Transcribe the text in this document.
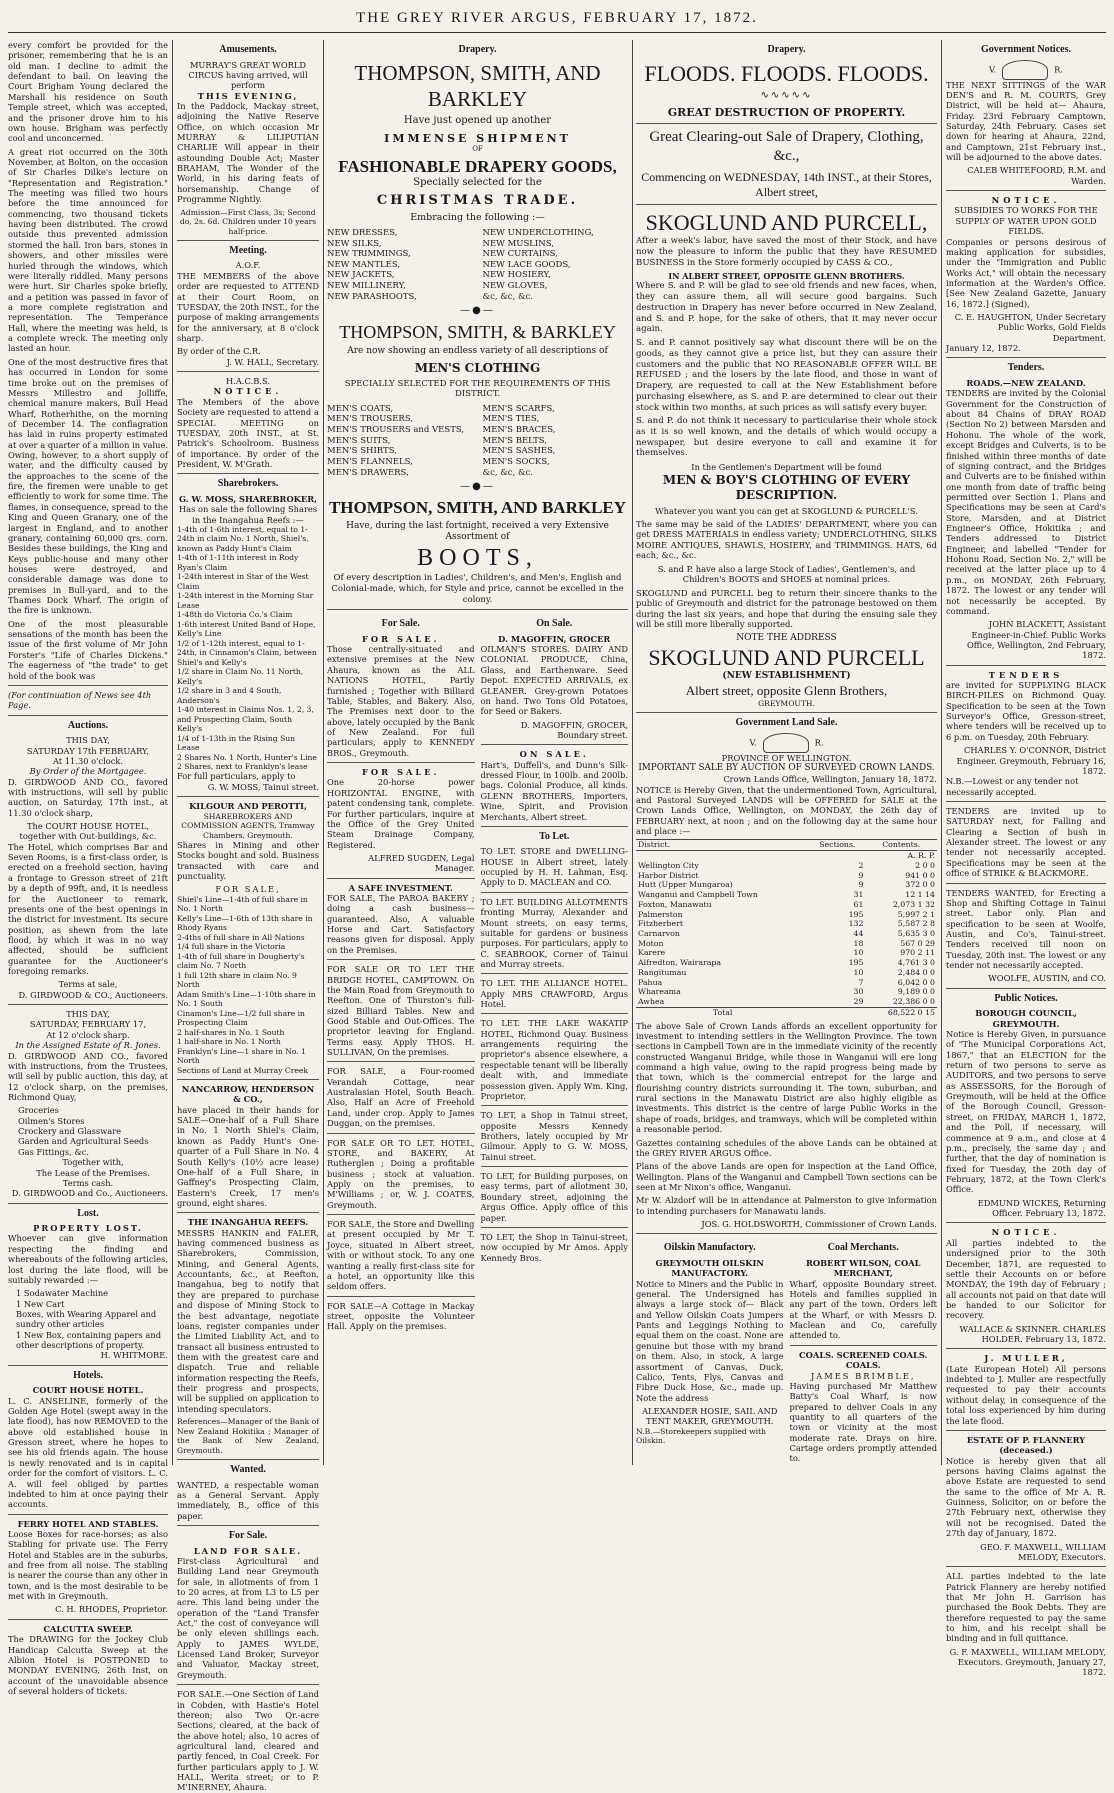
THE GREY RIVER ARGUS, FEBRUARY 17, 1872.

every comfort be provided for the prisoner, remembering that he is an old man. I decline to admit the defendant to bail. On leaving the Court Brigham Young declared the Marshall his residence on South Temple street, which was accepted, and the prisoner drove him to his own house. Brigham was perfectly cool and unconcerned.

A great riot occurred on the 30th November, at Bolton, on the occasion of Sir Charles Dilke's lecture on "Representation and Registration." The meeting was filled two hours before the time announced for commencing, two thousand tickets having been distributed. The crowd outside thus prevented admission stormed the hall. Iron bars, stones in showers, and other missiles were hurled through the windows, which were literally riddled. Many persons were hurt. Sir Charles spoke briefly, and a petition was passed in favor of a more complete registration and representation. The Temperance Hall, where the meeting was held, is a complete wreck. The meeting only lasted an hour.

One of the most destructive fires that has occurred in London for some time broke out on the premises of Messrs Millestro and Jolliffe, chemical manure makers, Bull Head Wharf, Rotherhithe, on the morning of December 14. The conflagration has laid in ruins property estimated at over a quarter of a million in value. Owing, however, to a short supply of water, and the difficulty caused by the approaches to the scene of the fire, the firemen were unable to get efficiently to work for some time. The flames, in consequence, spread to the King and Queen Granary, one of the largest in England, and to another granary, containing 60,000 qrs. corn. Besides these buildings, the King and Keys public-house and many other houses were destroyed, and considerable damage was done to premises in Bull-yard, and to the Thames Dock Wharf. The origin of the fire is unknown.

One of the most pleasurable sensations of the month has been the issue of the first volume of Mr John Forster's "Life of Charles Dickens." The eagerness of "the trade" to get hold of the book was

(For continuation of News see 4th Page.
Auctions.
THIS DAY,
SATURDAY 17th FEBRUARY,
At 11.30 o'clock.
By Order of the Mortgagee.

D. GIRDWOOD AND CO., favored with instructions, will sell by public auction, on Saturday, 17th inst., at 11.30 o'clock sharp,

The COURT HOUSE HOTEL, together with Out-buildings, &c.

The Hotel, which comprises Bar and Seven Rooms, is a first-class order, is erected on a freehold section, having a frontage to Gresson street of 21ft by a depth of 99ft, and, it is needless for the Auctioneer to remark, presents one of the best openings in the district for investment. Its secure position, as shewn from the late flood, by which it was in no way affected, should be sufficient guarantee for the Auctioneer's foregoing remarks.

Terms at sale,
D. GIRDWOOD & CO., Auctioneers.
THIS DAY,
SATURDAY, FEBRUARY 17,
At 12 o'clock sharp.
In the Assigned Estate of R. Jones.

D. GIRDWOOD AND CO., favored with instructions, from the Trustees, will sell by public auction, this day, at 12 o'clock sharp, on the premises, Richmond Quay,

Groceries
Oilmen's Stores
Crockery and Glassware
Garden and Agricultural Seeds
Gas Fittings, &c.
Together with,
The Lease of the Premises.
Terms cash.
D. GIRDWOOD and Co., Auctioneers.
Lost.
PROPERTY LOST.

Whoever can give information respecting the finding and whereabouts of the following articles, lost during the late flood, will be suitably rewarded :—

1 Sodawater Machine
1 New Cart
Boxes, with Wearing Apparel and sundry other articles
1 New Box, containing papers and other descriptions of property.
H. WHITMORE.
Hotels.
COURT HOUSE HOTEL.

L. C. ANSELINE, formerly of the Golden Age Hotel (swept away in the late flood), has now REMOVED to the above old established house in Gresson street, where he hopes to see his old friends again. The house is newly renovated and is in capital order for the comfort of visitors. L. C. A. will feel obliged by parties indebted to him at once paying their accounts.

FERRY HOTEL AND STABLES.

Loose Boxes for race-horses; as also Stabling for private use. The Ferry Hotel and Stables are in the suburbs, and free from all noise. The stabling is nearer the course than any other in town, and is the most desirable to be met with in Greymouth.

C. H. RHODES, Proprietor.
CALCUTTA SWEEP.

The DRAWING for the Jockey Club Handicap Calcutta Sweep at the Albion Hotel is POSTPONED to MONDAY EVENING, 26th Inst, on account of the unavoidable absence of several holders of tickets.

Amusements.
MURRAY'S GREAT WORLD CIRCUS having arrived, will perform
THIS EVENING,

In the Paddock, Mackay street, adjoining the Native Reserve Office, on which occasion Mr MURRAY & LILIPUTIAN CHARLIE Will appear in their astounding Double Act; Master BRAHAM, The Wonder of the World, in his daring feats of horsemanship. Change of Programme Nightly.

Admission—First Class, 3s; Second do, 2s. 6d. Children under 10 years half-price.
Meeting.
A.O.F.

THE MEMBERS of the above order are requested to ATTEND at their Court Room, on TUESDAY, the 20th INST., for the purpose of making arrangements for the anniversary, at 8 o'clock sharp.

By order of the C.R.
J. W. HALL, Secretary.
H.A.C.B.S.
NOTICE.

The Members of the above Society are requested to attend a SPECIAL MEETING on TUESDAY, 20th INST., at St. Patrick's Schoolroom. Business of importance. By order of the President, W. M'Grath.

Sharebrokers.
G. W. MOSS, SHAREBROKER,
Has on sale the following Shares in the Inangahua Reefs :—
1-4th of 1-6th interest, equal to 1-24th in claim No. 1 North, Shiel's, known as Paddy Hunt's Claim
1-4th of 1-11th interest in Rody Ryan's Claim
1-24th interest in Star of the West Claim
1-24th interest in the Morning Star Lease
1-48th do Victoria Co.'s Claim
1-6th interest United Band of Hope, Kelly's Line
1/2 of 1-12th interest, equal to 1-24th, in Cinnamon's Claim, between Shiel's and Kelly's
1/2 share in Claim No. 11 North, Kelly's
1/2 share in 3 and 4 South, Anderson's
1-40 interest in Claims Nos. 1, 2, 3, and Prospecting Claim, South Kelly's
1/4 of 1-13th in the Rising Sun Lease
2 Shares No. 1 North, Hunter's Line
2 Shares, next to Franklyn's lease
For full particulars, apply to
G. W. MOSS, Tainui street.
KILGOUR AND PEROTTI,
SHAREBROKERS AND COMMISSION AGENTS, Tramway Chambers, Greymouth.

Shares in Mining and other Stocks bought and sold. Business transacted with care and punctuality.

FOR SALE,
Shiel's Line—1-4th of full share in No. 1 North
Kelly's Line—1-6th of 13th share in Rhody Ryans
2-4ths of full share in All Nations
1/4 full share in the Victoria
1-4th of full share in Dougherty's claim No. 7 North
1 full 12th share in claim No. 9 North
Adam Smith's Line—1-10th share in No. 1 South
Cinamon's Line—1/2 full share in Prospecting Claim
2 half-shares in No. 1 South
1 half-share in No. 1 North
Franklyn's Line—1 share in No. 1 North
Sections of Land at Murray Creek
NANCARROW, HENDERSON & CO.,

have placed in their hands for SALE—One-half of a Full Share in No. 1 North Shiel's Claim, known as Paddy Hunt's One-quarter of a Full Share in No. 4 South Kelly's (10½ acre lease) One-half of a Full Share, in Gaffney's Prospecting Claim, Eastern's Creek, 17 men's ground, eight shares.

THE INANGAHUA REEFS.

MESSRS HANKIN and FALER, having commenced business as Sharebrokers, Commission, Mining, and General Agents, Accountants, &c., at Reefton, Inangahua, beg to notify that they are prepared to purchase and dispose of Mining Stock to the best advantage, negotiate loans, register companies under the Limited Liability Act, and to transact all business entrusted to them with the greatest care and dispatch. True and reliable information respecting the Reefs, their progress and prospects, will be supplied on application to intending speculators.

References—Manager of the Bank of New Zealand Hokitika ; Manager of the Bank of New Zealand, Greymouth.

Wanted.

WANTED, a respectable woman as a General Servant. Apply immediately, B., office of this paper.

For Sale.
LAND FOR SALE.

First-class Agricultural and Building Land near Greymouth for sale, in allotments of from 1 to 20 acres, at from L3 to L5 per acre. This land being under the operation of the "Land Transfer Act," the cost of conveyance will be only eleven shillings each. Apply to JAMES WYLDE, Licensed Land Broker, Surveyor and Valuator, Mackay street, Greymouth.

FOR SALE.—One Section of Land in Cobden, with Hastie's Hotel thereon; also Two Qr.-acre Sections, cleared, at the back of the above hotel; also, 10 acres of agricultural land, cleared and partly fenced, in Coal Creek. For further particulars apply to J. W. HALL, Werita street; or to P. M'INERNEY, Ahaura.

Drapery.
THOMPSON, SMITH, AND BARKLEY
Have just opened up another
IMMENSE SHIPMENT
OF
FASHIONABLE DRAPERY GOODS,
Specially selected for the
CHRISTMAS TRADE.
Embracing the following :—
NEW DRESSES,	NEW UNDERCLOTHING,
NEW SILKS,	NEW MUSLINS,
NEW TRIMMINGS,	NEW CURTAINS,
NEW MANTLES,	NEW LACE GOODS,
NEW JACKETS,	NEW HOSIERY,
NEW MILLINERY,	NEW GLOVES,
NEW PARASHOOTS,	&c, &c, &c.
—●—
THOMPSON, SMITH, & BARKLEY
Are now showing an endless variety of all descriptions of
MEN'S CLOTHING
SPECIALLY SELECTED FOR THE REQUIREMENTS OF THIS DISTRICT.
MEN'S COATS,	MEN'S SCARFS,
MEN'S TROUSERS,	MEN'S TIES,
MEN'S TROUSERS and VESTS,	MEN'S BRACES,
MEN'S SUITS,	MEN'S BELTS,
MEN'S SHIRTS,	MEN'S SASHES,
MEN'S FLANNELS,	MEN'S SOCKS,
MEN'S DRAWERS,	&c, &c, &c.
—●—
THOMPSON, SMITH, AND BARKLEY
Have, during the last fortnight, received a very Extensive Assortment of
BOOTS,
Of every description in Ladies', Children's, and Men's, English and Colonial-made, which, for Style and price, cannot be excelled in the colony.
For Sale.
FOR SALE.

Those centrally-situated and extensive premises at the New Ahaura, known as the ALL NATIONS HOTEL, Partly furnished ; Together with Billiard Table, Stables, and Bakery. Also, The Premises next door to the above, lately occupied by the Bank of New Zealand. For full particulars, apply to KENNEDY BROS., Greymouth.

FOR SALE.

One 20-horse power HORIZONTAL ENGINE, with patent condensing tank, complete. For further particulars, inquire at the Office of the Grey United Steam Drainage Company, Registered.

ALFRED SUGDEN, Legal Manager.
A SAFE INVESTMENT.

FOR SALE, The PAROA BAKERY ; doing a cash business—guaranteed. Also, A valuable Horse and Cart. Satisfactory reasons given for disposal. Apply on the Premises.

FOR SALE OR TO LET THE BRIDGE HOTEL, CAMPTOWN. On the Main Road from Greymouth to Reefton. One of Thurston's full-sized Billiard Tables. New and Good Stable and Out-Offices. The proprietor leaving for England. Terms easy. Apply THOS. H. SULLIVAN, On the premises.

FOR SALE, a Four-roomed Verandah Cottage, near Australasian Hotel, South Beach. Also, Half an Acre of Freehold Land, under crop. Apply to James Duggan, on the premises.

FOR SALE OR TO LET. HOTEL, STORE, and BAKERY, At Rutherglen ; Doing a profitable business ; stock at valuation. Apply on the premises, to M'Williams ; or, W. J. COATES, Greymouth.

FOR SALE, the Store and Dwelling at present occupied by Mr T. Joyce, situated in Albert street, with or without stock. To any one wanting a really first-class site for a hotel, an opportunity like this seldom offers.

FOR SALE—A Cottage in Mackay street, opposite the Volunteer Hall. Apply on the premises.

On Sale.
D. MAGOFFIN, GROCER

OILMAN'S STORES. DAIRY AND COLONIAL PRODUCE, China, Glass, and Earthenware. Seed Depot. EXPECTED ARRIVALS, ex GLEANER. Grey-grown Potatoes on hand. Two Tons Old Potatoes, for Seed or Bakers.

D. MAGOFFIN, GROCER, Boundary street.
ON SALE.

Hart's, Duffell's, and Dunn's Silk-dressed Flour, in 100lb. and 200lb. bags. Colonial Produce, all kinds. GLENN BROTHERS, Importers, Wine, Spirit, and Provision Merchants, Albert street.

To Let.

TO LET. STORE and DWELLING-HOUSE in Albert street, lately occupied by H. H. Lahman, Esq. Apply to D. MACLEAN and CO.

TO LET. BUILDING ALLOTMENTS fronting Murray, Alexander and Mount streets, on easy terms, suitable for gardens or business purposes. For particulars, apply to C. SEABROOK, Corner of Tainui and Murray streets.

TO LET. THE ALLIANCE HOTEL. Apply MRS CRAWFORD, Argus Hotel.

TO LET. THE LAKE WAKATIP HOTEL, Richmond Quay. Business arrangements requiring the proprietor's absence elsewhere, a respectable tenant will be liberally dealt with, and immediate possession given. Apply Wm. King, Proprietor.

TO LET, a Shop in Tainui street, opposite Messrs Kennedy Brothers, lately occupied by Mr Gilmour. Apply to G. W. MOSS, Tainui street.

TO LET, for Building purposes, on easy terms, part of allotment 30, Boundary street, adjoining the Argus Office. Apply office of this paper.

TO LET, the Shop in Tainui-street, now occupied by Mr Amos. Apply Kennedy Bros.

Drapery.
FLOODS. FLOODS. FLOODS.
∿∿∿∿∿
GREAT DESTRUCTION OF PROPERTY.
Great Clearing-out Sale of Drapery, Clothing, &c.,
Commencing on WEDNESDAY, 14th INST., at their Stores, Albert street,
SKOGLUND AND PURCELL,

After a week's labor, have saved the most of their Stock, and have now the pleasure to inform the public that they have RESUMED BUSINESS in the Store formerly occupied by CASS & CO.,

IN ALBERT STREET, OPPOSITE GLENN BROTHERS.

Where S. and P. will be glad to see old friends and new faces, when, they can assure them, all will secure good bargains. Such destruction in Drapery has never before occurred in New Zealand, and S. and P. hope, for the sake of others, that it may never occur again.

S. and P. cannot positively say what discount there will be on the goods, as they cannot give a price list, but they can assure their customers and the public that NO REASONABLE OFFER WILL BE REFUSED ; and the losers by the late flood, and those in want of Drapery, are requested to call at the New Establishment before purchasing elsewhere, as S. and P. are determined to clear out their stock within two months, at such prices as will satisfy every buyer.

S. and P. do not think it necessary to particularise their whole stock as it is so well known, and the details of which would occupy a newspaper, but desire everyone to call and examine it for themselves.

In the Gentlemen's Department will be found
MEN & BOY'S CLOTHING OF EVERY DESCRIPTION.
Whatever you want you can get at SKOGLUND & PURCELL'S.

The same may be said of the LADIES' DEPARTMENT, where you can get DRESS MATERIALS in endless variety; UNDERCLOTHING, SILKS MOIRE ANTIQUES, SHAWLS, HOSIERY, and TRIMMINGS. HATS, 6d each, &c., &c.

S. and P. have also a large Stock of Ladies', Gentlemen's, and Children's BOOTS and SHOES at nominal prices.

SKOGLUND and PURCELL beg to return their sincere thanks to the public of Greymouth and district for the patronage bestowed on them during the last six years, and hope that during the ensuing sale they will be still more liberally supported.

NOTE THE ADDRESS
SKOGLUND AND PURCELL
(NEW ESTABLISHMENT)
Albert street, opposite Glenn Brothers,
GREYMOUTH.
Government Land Sale.
V.	R.
PROVINCE OF WELLINGTON.
IMPORTANT SALE BY AUCTION OF SURVEYED CROWN LANDS.
Crown Lands Office, Wellington, January 18, 1872.

NOTICE is Hereby Given, that the undermentioned Town, Agricultural, and Pastoral Surveyed LANDS will be OFFERED for SALE at the Crown Lands Office, Wellington, on MONDAY, the 26th day of FEBRUARY next, at noon ; and on the following day at the same hour and place :—

District.	Sections.	Contents.
		A. R. P.
Wellington City	2	2 0 0
Harbor District	9	941 0 0
Hutt (Upper Mungaroa)	9	372 0 0
Wanganui and Campbell Town	31	12 1 14
Foxton, Manawatu	61	2,073 1 32
Palmerston	195	5,997 2 1
Fitzherbert	132	5,587 2 8
Carnarvon	44	5,635 3 0
Moton	18	567 0 29
Karere	10	970 2 11
Alfredton, Wairarapa	195	4,761 3 0
Rangitumau	10	2,484 0 0
Pahua	7	6,042 0 0
Whareama	30	9,189 0 0
Awhea	29	22,386 0 0
Total		68,522 0 15

The above Sale of Crown Lands affords an excellent opportunity for investment to intending settlers in the Wellington Province. The town sections in Campbell Town are in the immediate vicinity of the recently constructed Wanganui Bridge, while those in Wanganui will ere long command a high value, owing to the rapid progress being made by that town, which is the commercial entrepot for the large and flourishing country districts surrounding it. The town, suburban, and rural sections in the Manawatu District are also highly eligible as investments. This district is the centre of large Public Works in the shape of roads, bridges, and tramways, which will be completed within a reasonable period.

Gazettes containing schedules of the above Lands can be obtained at the GREY RIVER ARGUS Office.

Plans of the above Lands are open for inspection at the Land Office, Wellington. Plans of the Wanganui and Campbell Town sections can be seen at Mr Nixon's office, Wanganui.

Mr W. Alzdorf will be in attendance at Palmerston to give information to intending purchasers for Manawatu lands.

JOS. G. HOLDSWORTH, Commissioner of Crown Lands.
Oilskin Manufactory.
GREYMOUTH OILSKIN MANUFACTORY.

Notice to Miners and the Public in general. The Undersigned has always a large stock of— Black and Yellow Oilskin Coats Jumpers Pants and Leggings Nothing to equal them on the coast. None are genuine but those with my brand on them. Also, in stock, A large assortment of Canvas, Duck, Calico, Tents, Flys, Canvas and Fibre Duck Hose, &c., made up. Note the address

ALEXANDER HOSIE, SAIL AND TENT MAKER, GREYMOUTH.
N.B.—Storekeepers supplied with Oilskin.
Coal Merchants.
ROBERT WILSON, COAL MERCHANT,

Wharf, opposite Boundary street. Hotels and families supplied in any part of the town. Orders left at the Wharf, or with Messrs D. Maclean and Co, carefully attended to.

COALS. SCREENED COALS. COALS.
JAMES BRIMBLE,

Having purchased Mr Matthew Batty's Coal Wharf, is now prepared to deliver Coals in any quantity to all quarters of the town or vicinity at the most moderate rate. Drays on hire. Cartage orders promptly attended to.

Government Notices.
V.	R.

THE NEXT SITTINGS of the WAR DEN'S and R. M. COURTS, Grey District, will be held at— Ahaura, Friday. 23rd February Camptown, Saturday, 24th February. Cases set down for hearing at Ahaura, 22nd, and Camptown, 21st February inst., will be adjourned to the above dates.

CALEB WHITEFOORD, R.M. and Warden.
NOTICE.
SUBSIDIES TO WORKS FOR THE SUPPLY OF WATER UPON GOLD FIELDS.

Companies or persons desirous of making application for subsidies, under the "Immigration and Public Works Act," will obtain the necessary information at the Warden's Office. [See New Zealand Gazette, January 16, 1872.] (Signed),

C. E. HAUGHTON, Under Secretary Public Works, Gold Fields Department.
January 12, 1872.
Tenders.
ROADS.—NEW ZEALAND.

TENDERS are invited by the Colonial Government for the Construction of about 84 Chains of DRAY ROAD (Section No 2) between Marsden and Hohonu. The whole of the work, except Bridges and Culverts, is to be finished within three months of date of signing contract, and the Bridges and Culverts are to be finished within one month from date of traffic being permitted over Section 1. Plans and Specifications may be seen at Card's Store, Marsden, and at District Engineer's Office, Hokitika ; and Tenders addressed to District Engineer, and labelled "Tender for Hohonu Road, Section No. 2," will be received at the latter place up to 4 p.m., on MONDAY, 26th February, 1872. The lowest or any tender will not necessarily be accepted. By command.

JOHN BLACKETT, Assistant Engineer-in-Chief. Public Works Office, Wellington, 2nd February, 1872.
TENDERS

are invited for SUPPLYING BLACK BIRCH-PILES on Richmond Quay. Specification to be seen at the Town Surveyor's Office, Gresson-street, where tenders will be received up to 6 p.m. on Tuesday, 20th February.

CHARLES Y. O'CONNOR, District Engineer. Greymouth, February 16, 1872.
N.B.—Lowest or any tender not necessarily accepted.

TENDERS are invited up to SATURDAY next, for Falling and Clearing a Section of bush in Alexander street. The lowest or any tender not necessarily accepted. Specifications may be seen at the office of STRIKE & BLACKMORE.

TENDERS WANTED, for Erecting a Shop and Shifting Cottage in Tainui street. Labor only. Plan and specification to be seen at Woolfe, Austin, and Co's, Tainui-street. Tenders received till noon on Tuesday, 20th inst. The lowest or any tender not necessarily accepted.

WOOLFE, AUSTIN, and CO.
Public Notices.
BOROUGH COUNCIL, GREYMOUTH.

Notice is Hereby Given, in pursuance of "The Municipal Corporations Act, 1867," that an ELECTION for the return of two persons to serve as AUDITORS, and two persons to serve as ASSESSORS, for the Borough of Greymouth, will be held at the Office of the Borough Council, Gresson-street, on FRIDAY, MARCH 1, 1872, and the Poll, if necessary, will commence at 9 a.m., and close at 4 p.m., precisely, the same day ; and further, that the day of nomination is fixed for Tuesday, the 20th day of February, 1872, at the Town Clerk's Office.

EDMUND WICKES, Returning Officer. February 13, 1872.
NOTICE.

All parties indebted to the undersigned prior to the 30th December, 1871, are requested to settle their Accounts on or before MONDAY, the 19th day of February ; all accounts not paid on that date will be handed to our Solicitor for recovery.

WALLACE & SKINNER. CHARLES HOLDER. February 13, 1872.
J. MULLER,

(Late European Hotel) All persons indebted to J. Muller are respectfully requested to pay their accounts without delay, in consequence of the total loss experienced by him during the late flood.

ESTATE OF P. FLANNERY (deceased.)

Notice is hereby given that all persons having Claims against the above Estate are requested to send the same to the office of Mr A. R. Guinness, Solicitor, on or before the 27th February next, otherwise they will not be recognised. Dated the 27th day of January, 1872.

GEO. F. MAXWELL, WILLIAM MELODY, Executors.

ALL parties indebted to the late Patrick Flannery are hereby notified that Mr John H. Garrison has purchased the Book Debts. They are therefore requested to pay the same to him, and his receipt shall be binding and in full quittance.

G. F. MAXWELL, WILLIAM MELODY, Executors. Greymouth, January 27, 1872.
